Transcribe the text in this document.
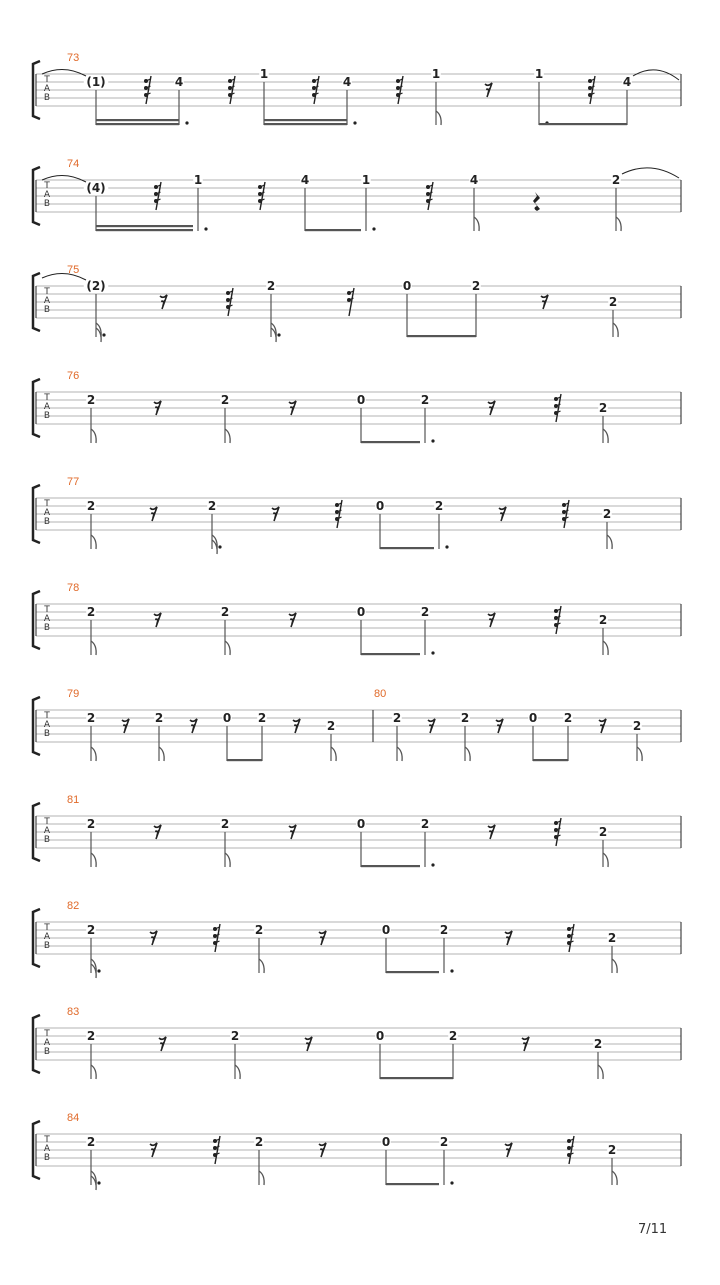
T
A
B
73
(1)	4
1
4
1
𝄾
1
4
T
A
B
74
(4)
1	4	1	4	2
T
A
B
75
(2)
𝄾
2	0	2
𝄾	2
T
A
B
76
2	𝄾	2	𝄾	0	2	𝄾	2
T
A
B
77
2	𝄾	2	𝄾	0	2	𝄾	2
T
A
B
78
2	𝄾	2	𝄾	0	2	𝄾	2
T
A
B
79	80
2 𝄾 2 𝄾 0 2 𝄾 2
2 𝄾 2 𝄾 0 2 𝄾 2
T
A
B
81
2	𝄾	2	𝄾	0	2	𝄾	2
T
A
B
82
2	𝄾	2	𝄾	0	2	𝄾	2
T
A
B
83
2	𝄾	2	𝄾	0	2	𝄾	2
T
A
B
84
2	𝄾	2	𝄾	0	2	𝄾	2
7/11
